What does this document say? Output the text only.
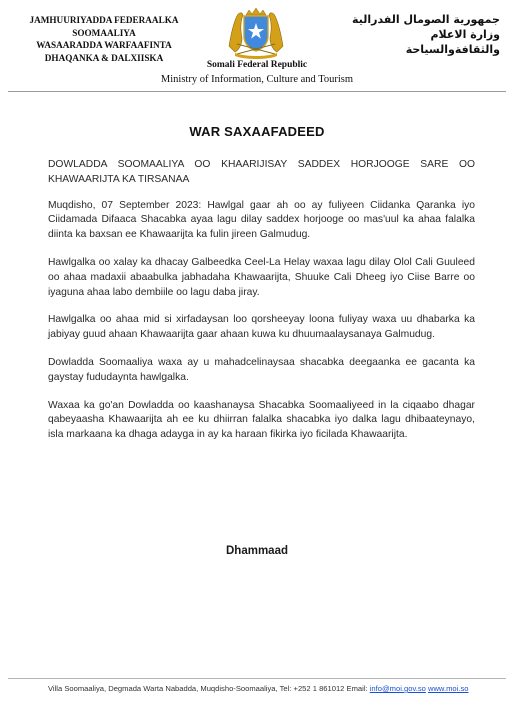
JAMHUURIYADDA FEDERAALKA
SOOMAALIYA
WASAARADDA WARFAAFINTA
DHAQANKA & DALXIISKA
Somali Federal Republic
Ministry of Information, Culture and Tourism
جمهورية الصومال الفدرالية
وزارة الاعلام
والثقافةوالسياحة
WAR SAXAAFADEED

DOWLADDA SOOMAALIYA OO KHAARIJISAY SADDEX HORJOOGE SARE OO KHAWAARIJTA KA TIRSANAA

Muqdisho, 07 September 2023: Hawlgal gaar ah oo ay fuliyeen Ciidanka Qaranka iyo Ciidamada Difaaca Shacabka ayaa lagu dilay saddex horjooge oo mas'uul ka ahaa falalka diinta ka baxsan ee Khawaarijta ka fulin jireen Galmudug.

Hawlgalka oo xalay ka dhacay Galbeedka Ceel-La Helay waxaa lagu dilay Olol Cali Guuleed oo ahaa madaxii abaabulka jabhadaha Khawaarijta, Shuuke Cali Dheeg iyo Ciise Barre oo iyaguna ahaa labo dembiile oo lagu daba jiray.

Hawlgalka oo ahaa mid si xirfadaysan loo qorsheeyay loona fuliyay waxa uu dhabarka ka jabiyay guud ahaan Khawaarijta gaar ahaan kuwa ku dhuumaalaysanaya Galmudug.

Dowladda Soomaaliya waxa ay u mahadcelinaysaa shacabka deegaanka ee gacanta ka gaystay fududaynta hawlgalka.

Waxaa ka go'an Dowladda oo kaashanaysa Shacabka Soomaaliyeed in la ciqaabo dhagar qabeyaasha Khawaarijta ah ee ku dhiirran falalka shacabka iyo dalka lagu dhibaateynayo, isla markaana ka dhaga adayga in ay ka haraan fikirka iyo ficilada Khawaarijta.

Dhammaad
Villa Soomaaliya, Degmada Warta Nabadda, Muqdisho-Soomaaliya, Tel: +252 1 861012 Email: info@moi.gov.so www.moi.so
